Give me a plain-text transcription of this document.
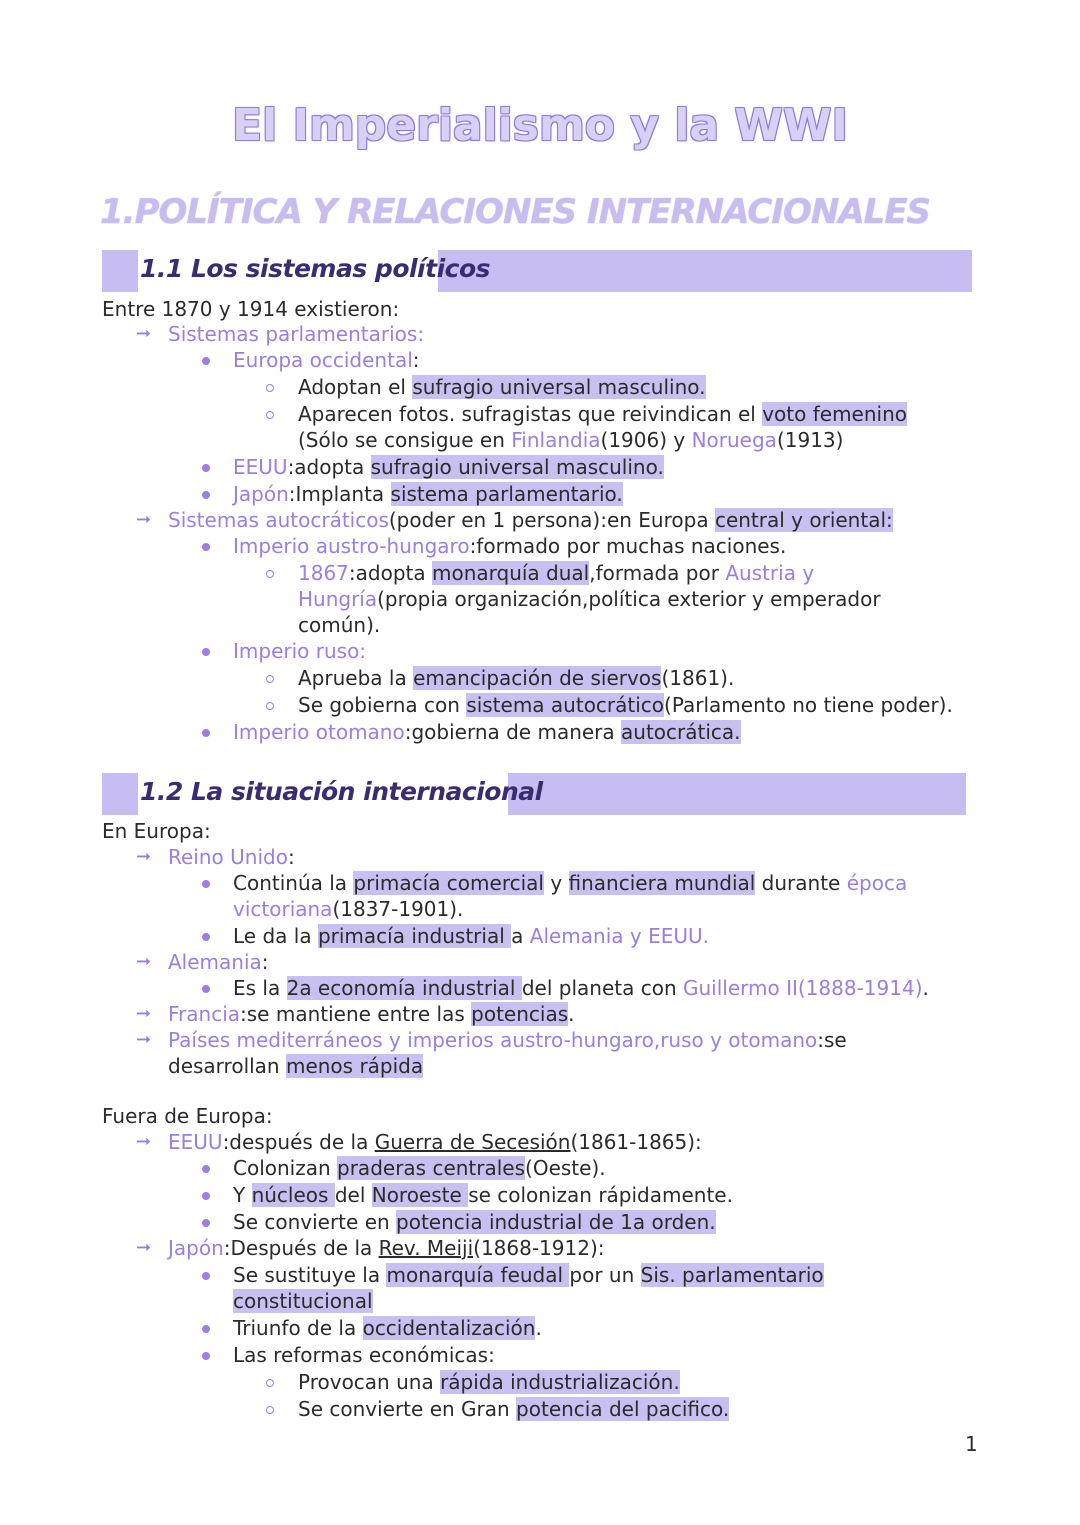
El Imperialismo y la WWI
1.POLÍTICA Y RELACIONES INTERNACIONALES
1.1 Los sistemas políticos
Entre 1870 y 1914 existieron:
➞ Sistemas parlamentarios:
Europa occidental:
Adoptan el sufragio universal masculino.
Aparecen fotos. sufragistas que reivindican el voto femenino
(Sólo se consigue en Finlandia(1906) y Noruega(1913)
EEUU:adopta sufragio universal masculino.
Japón:Implanta sistema parlamentario.
➞ Sistemas autocráticos(poder en 1 persona):en Europa central y oriental:
Imperio austro-hungaro:formado por muchas naciones.
1867:adopta monarquía dual,formada por Austria y
Hungría(propia organización,política exterior y emperador
común).
Imperio ruso:
Aprueba la emancipación de siervos(1861).
Se gobierna con sistema autocrático(Parlamento no tiene poder).
Imperio otomano:gobierna de manera autocrática.
1.2 La situación internacional
En Europa:
➞ Reino Unido:
Continúa la primacía comercial y financiera mundial durante época
victoriana(1837-1901).
Le da la primacía industrial a Alemania y EEUU.
➞ Alemania:
Es la 2a economía industrial del planeta con Guillermo II(1888-1914).
➞ Francia:se mantiene entre las potencias.
➞ Países mediterráneos y imperios austro-hungaro,ruso y otomano:se
desarrollan menos rápida
Fuera de Europa:
➞ EEUU:después de la Guerra de Secesión(1861-1865):
Colonizan praderas centrales(Oeste).
Y núcleos del Noroeste se colonizan rápidamente.
Se convierte en potencia industrial de 1a orden.
➞ Japón:Después de la Rev. Meiji(1868-1912):
Se sustituye la monarquía feudal por un Sis. parlamentario
constitucional
Triunfo de la occidentalización.
Las reformas económicas:
Provocan una rápida industrialización.
Se convierte en Gran potencia del pacifico.
1
